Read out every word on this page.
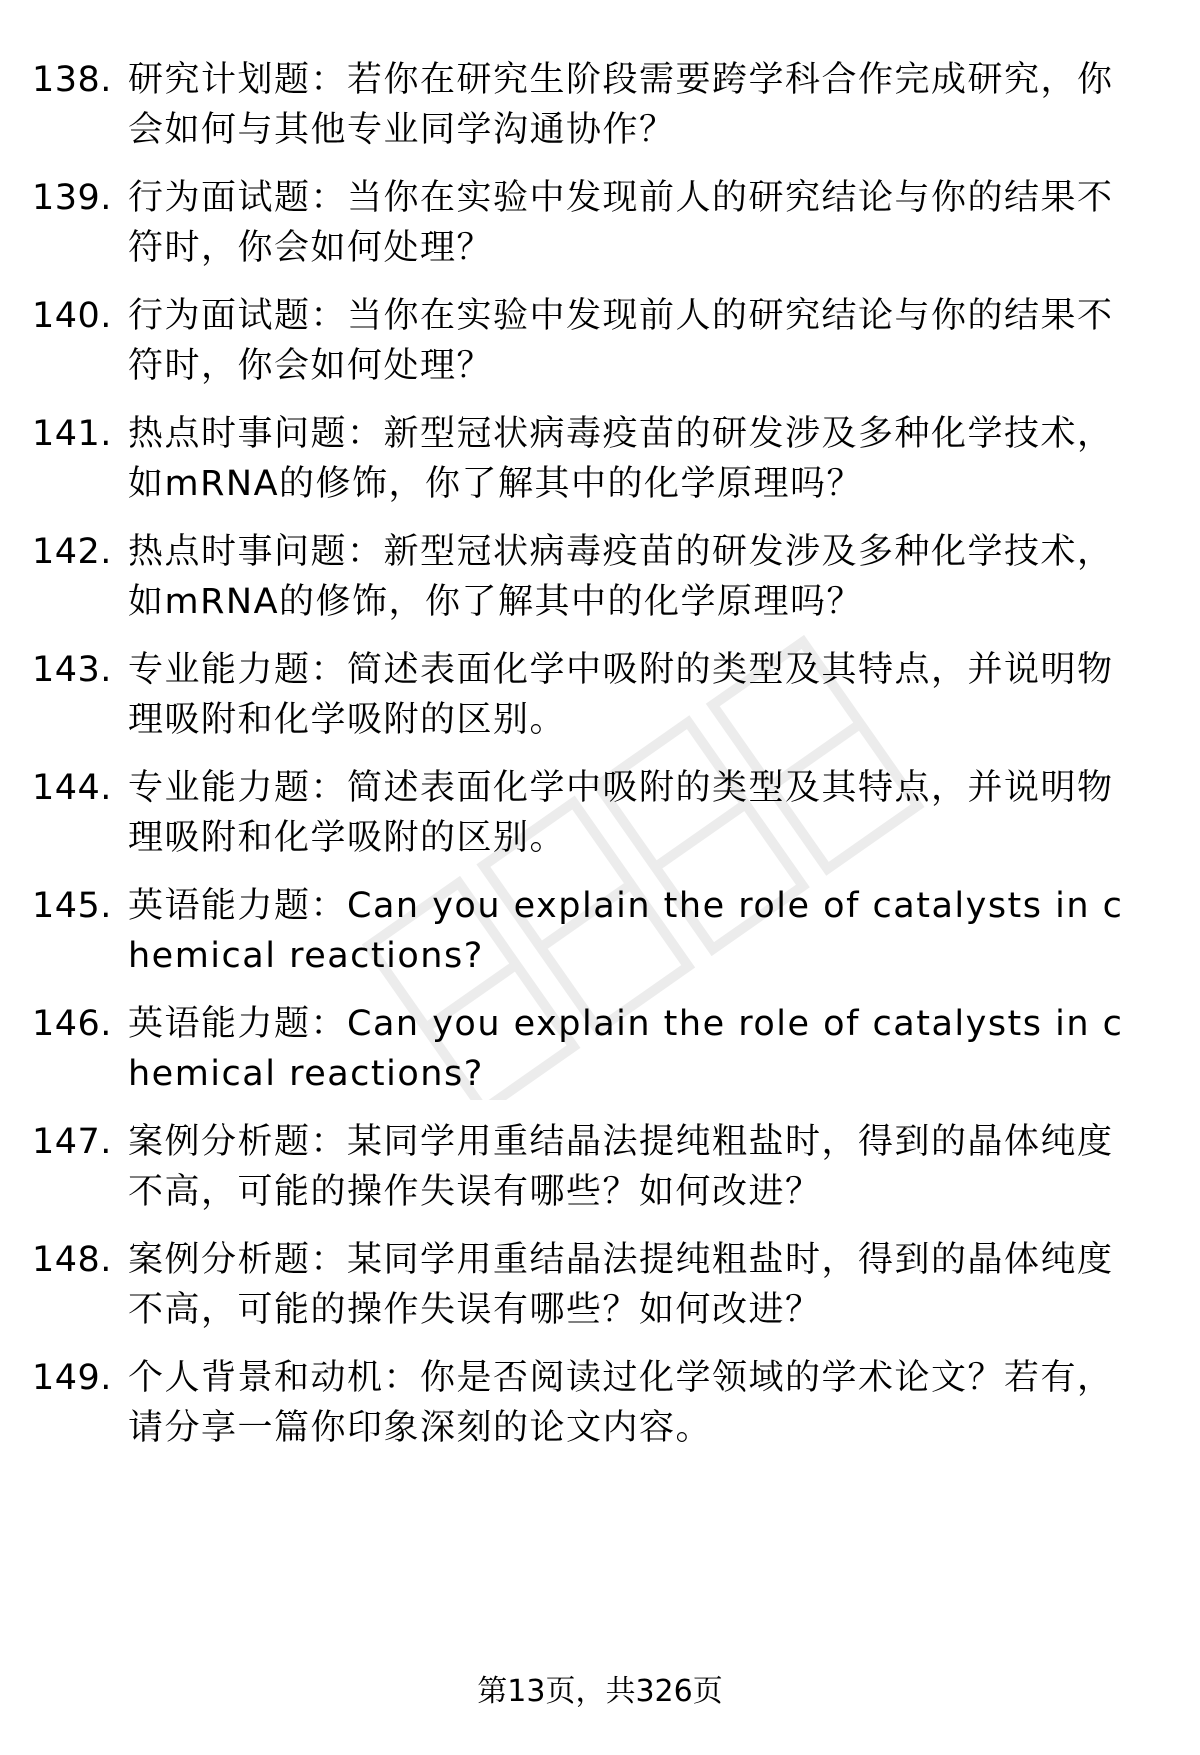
138. 研究计划题：若你在研究生阶段需要跨学科合作完成研究，你会如何与其他专业同学沟通协作？
139. 行为面试题：当你在实验中发现前人的研究结论与你的结果不符时，你会如何处理？
140. 行为面试题：当你在实验中发现前人的研究结论与你的结果不符时，你会如何处理？
141. 热点时事问题：新型冠状病毒疫苗的研发涉及多种化学技术，如mRNA的修饰，你了解其中的化学原理吗？
142. 热点时事问题：新型冠状病毒疫苗的研发涉及多种化学技术，如mRNA的修饰，你了解其中的化学原理吗？
143. 专业能力题：简述表面化学中吸附的类型及其特点，并说明物理吸附和化学吸附的区别。
144. 专业能力题：简述表面化学中吸附的类型及其特点，并说明物理吸附和化学吸附的区别。
145. 英语能力题：Can you explain the role of catalysts in chemical reactions?
146. 英语能力题：Can you explain the role of catalysts in chemical reactions?
147. 案例分析题：某同学用重结晶法提纯粗盐时，得到的晶体纯度不高，可能的操作失误有哪些？如何改进？
148. 案例分析题：某同学用重结晶法提纯粗盐时，得到的晶体纯度不高，可能的操作失误有哪些？如何改进？
149. 个人背景和动机：你是否阅读过化学领域的学术论文？若有，请分享一篇你印象深刻的论文内容。
第13页，共326页
